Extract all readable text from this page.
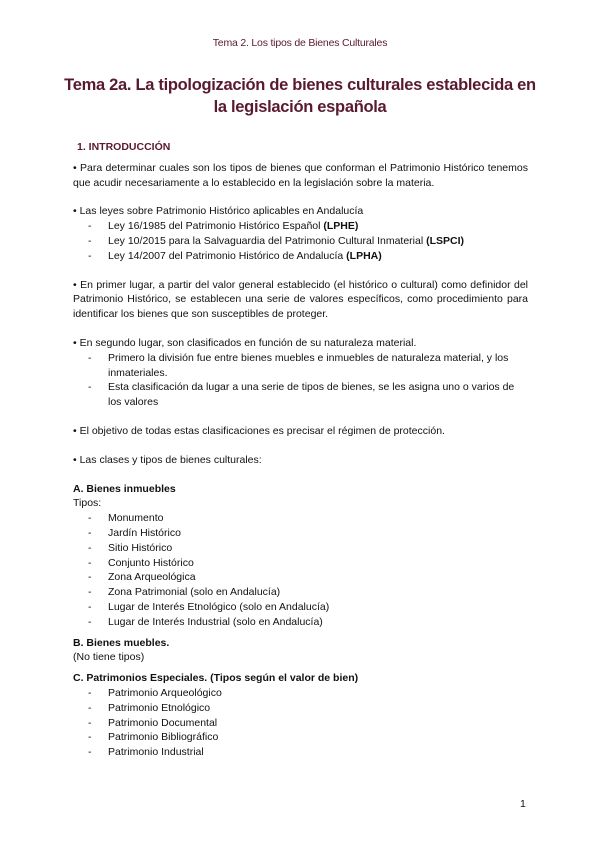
Tema 2. Los tipos de Bienes Culturales
Tema 2a. La tipologización de bienes culturales establecida en la legislación española
1. INTRODUCCIÓN

• Para determinar cuales son los tipos de bienes que conforman el Patrimonio Histórico tenemos que acudir necesariamente a lo establecido en la legislación sobre la materia.

• Las leyes sobre Patrimonio Histórico aplicables en Andalucía

- Ley 16/1985 del Patrimonio Histórico Español (LPHE)
- Ley 10/2015 para la Salvaguardia del Patrimonio Cultural Inmaterial (LSPCI)
- Ley 14/2007 del Patrimonio Histórico de Andalucía (LPHA)

• En primer lugar, a partir del valor general establecido (el histórico o cultural) como definidor del Patrimonio Histórico, se establecen una serie de valores específicos, como procedimiento para identificar los bienes que son susceptibles de proteger.

• En segundo lugar, son clasificados en función de su naturaleza material.

- Primero la división fue entre bienes muebles e inmuebles de naturaleza material, y los inmateriales.
- Esta clasificación da lugar a una serie de tipos de bienes, se les asigna uno o varios de los valores

• El objetivo de todas estas clasificaciones es precisar el régimen de protección.

• Las clases y tipos de bienes culturales:

A. Bienes inmuebles
Tipos:
- Monumento
- Jardín Histórico
- Sitio Histórico
- Conjunto Histórico
- Zona Arqueológica
- Zona Patrimonial (solo en Andalucía)
- Lugar de Interés Etnológico (solo en Andalucía)
- Lugar de Interés Industrial (solo en Andalucía)
B. Bienes muebles.
(No tiene tipos)
C. Patrimonios Especiales. (Tipos según el valor de bien)
- Patrimonio Arqueológico
- Patrimonio Etnológico
- Patrimonio Documental
- Patrimonio Bibliográfico
- Patrimonio Industrial
1
